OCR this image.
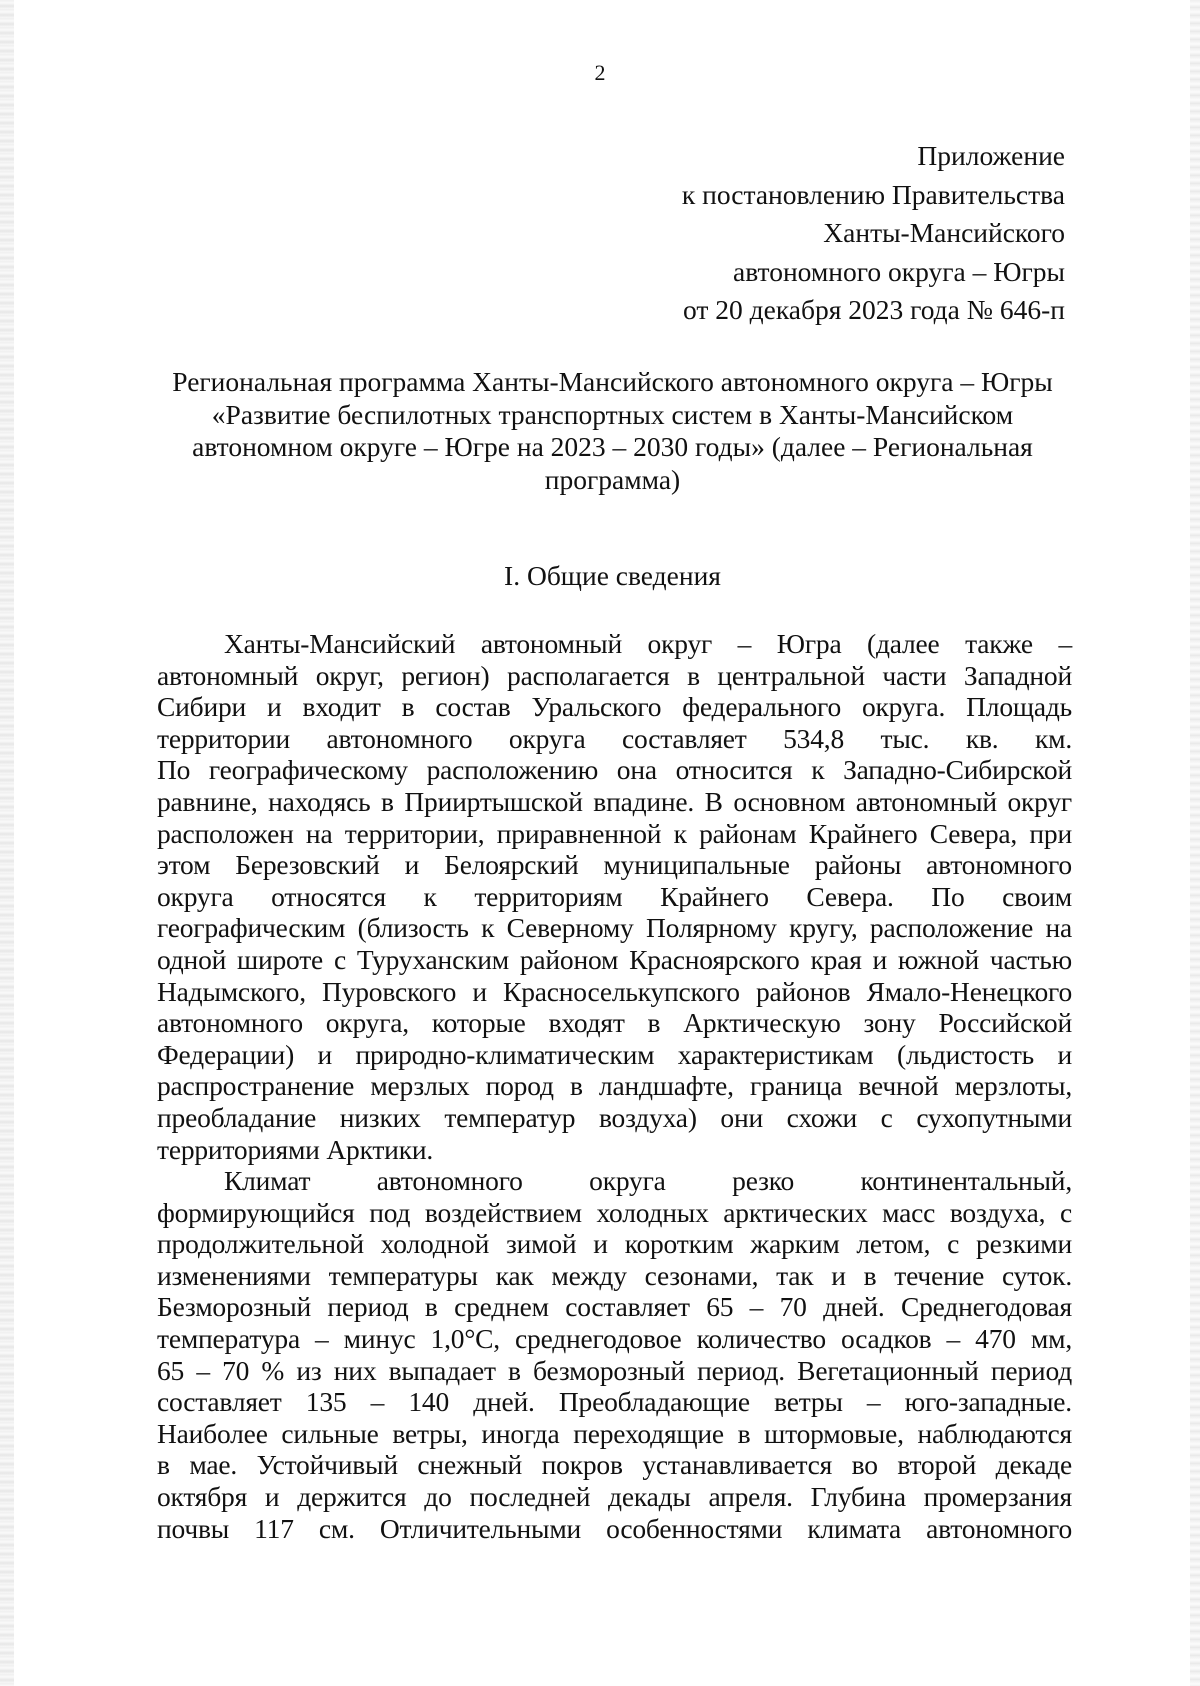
2
Приложение
к постановлению Правительства
Ханты-Мансийского
автономного округа – Югры
от 20 декабря 2023 года № 646-п
Региональная программа Ханты-Мансийского автономного округа – Югры
«Развитие беспилотных транспортных систем в Ханты-Мансийском
автономном округе – Югре на 2023 – 2030 годы» (далее – Региональная
программа)
I. Общие сведения

Ханты-Мансийский автономный округ – Югра (далее также –
автономный округ, регион) располагается в центральной части Западной
Сибири и входит в состав Уральского федерального округа. Площадь
территории автономного округа составляет 534,8 тыс. кв. км.
По географическому расположению она относится к Западно-Сибирской
равнине, находясь в Прииртышской впадине. В основном автономный округ
расположен на территории, приравненной к районам Крайнего Севера, при
этом Березовский и Белоярский муниципальные районы автономного
округа относятся к территориям Крайнего Севера. По своим
географическим (близость к Северному Полярному кругу, расположение на
одной широте с Туруханским районом Красноярского края и южной частью
Надымского, Пуровского и Красноселькупского районов Ямало-Ненецкого
автономного округа, которые входят в Арктическую зону Российской
Федерации) и природно-климатическим характеристикам (льдистость и
распространение мерзлых пород в ландшафте, граница вечной мерзлоты,
преобладание низких температур воздуха) они схожи с сухопутными
территориями Арктики.

Климат автономного округа резко континентальный,
формирующийся под воздействием холодных арктических масс воздуха, с
продолжительной холодной зимой и коротким жарким летом, с резкими
изменениями температуры как между сезонами, так и в течение суток.
Безморозный период в среднем составляет 65 – 70 дней. Среднегодовая
температура – минус 1,0°С, среднегодовое количество осадков – 470 мм,
65 – 70 % из них выпадает в безморозный период. Вегетационный период
составляет 135 – 140 дней. Преобладающие ветры – юго-западные.
Наиболее сильные ветры, иногда переходящие в штормовые, наблюдаются
в мае. Устойчивый снежный покров устанавливается во второй декаде
октября и держится до последней декады апреля. Глубина промерзания
почвы 117 см. Отличительными особенностями климата автономного
